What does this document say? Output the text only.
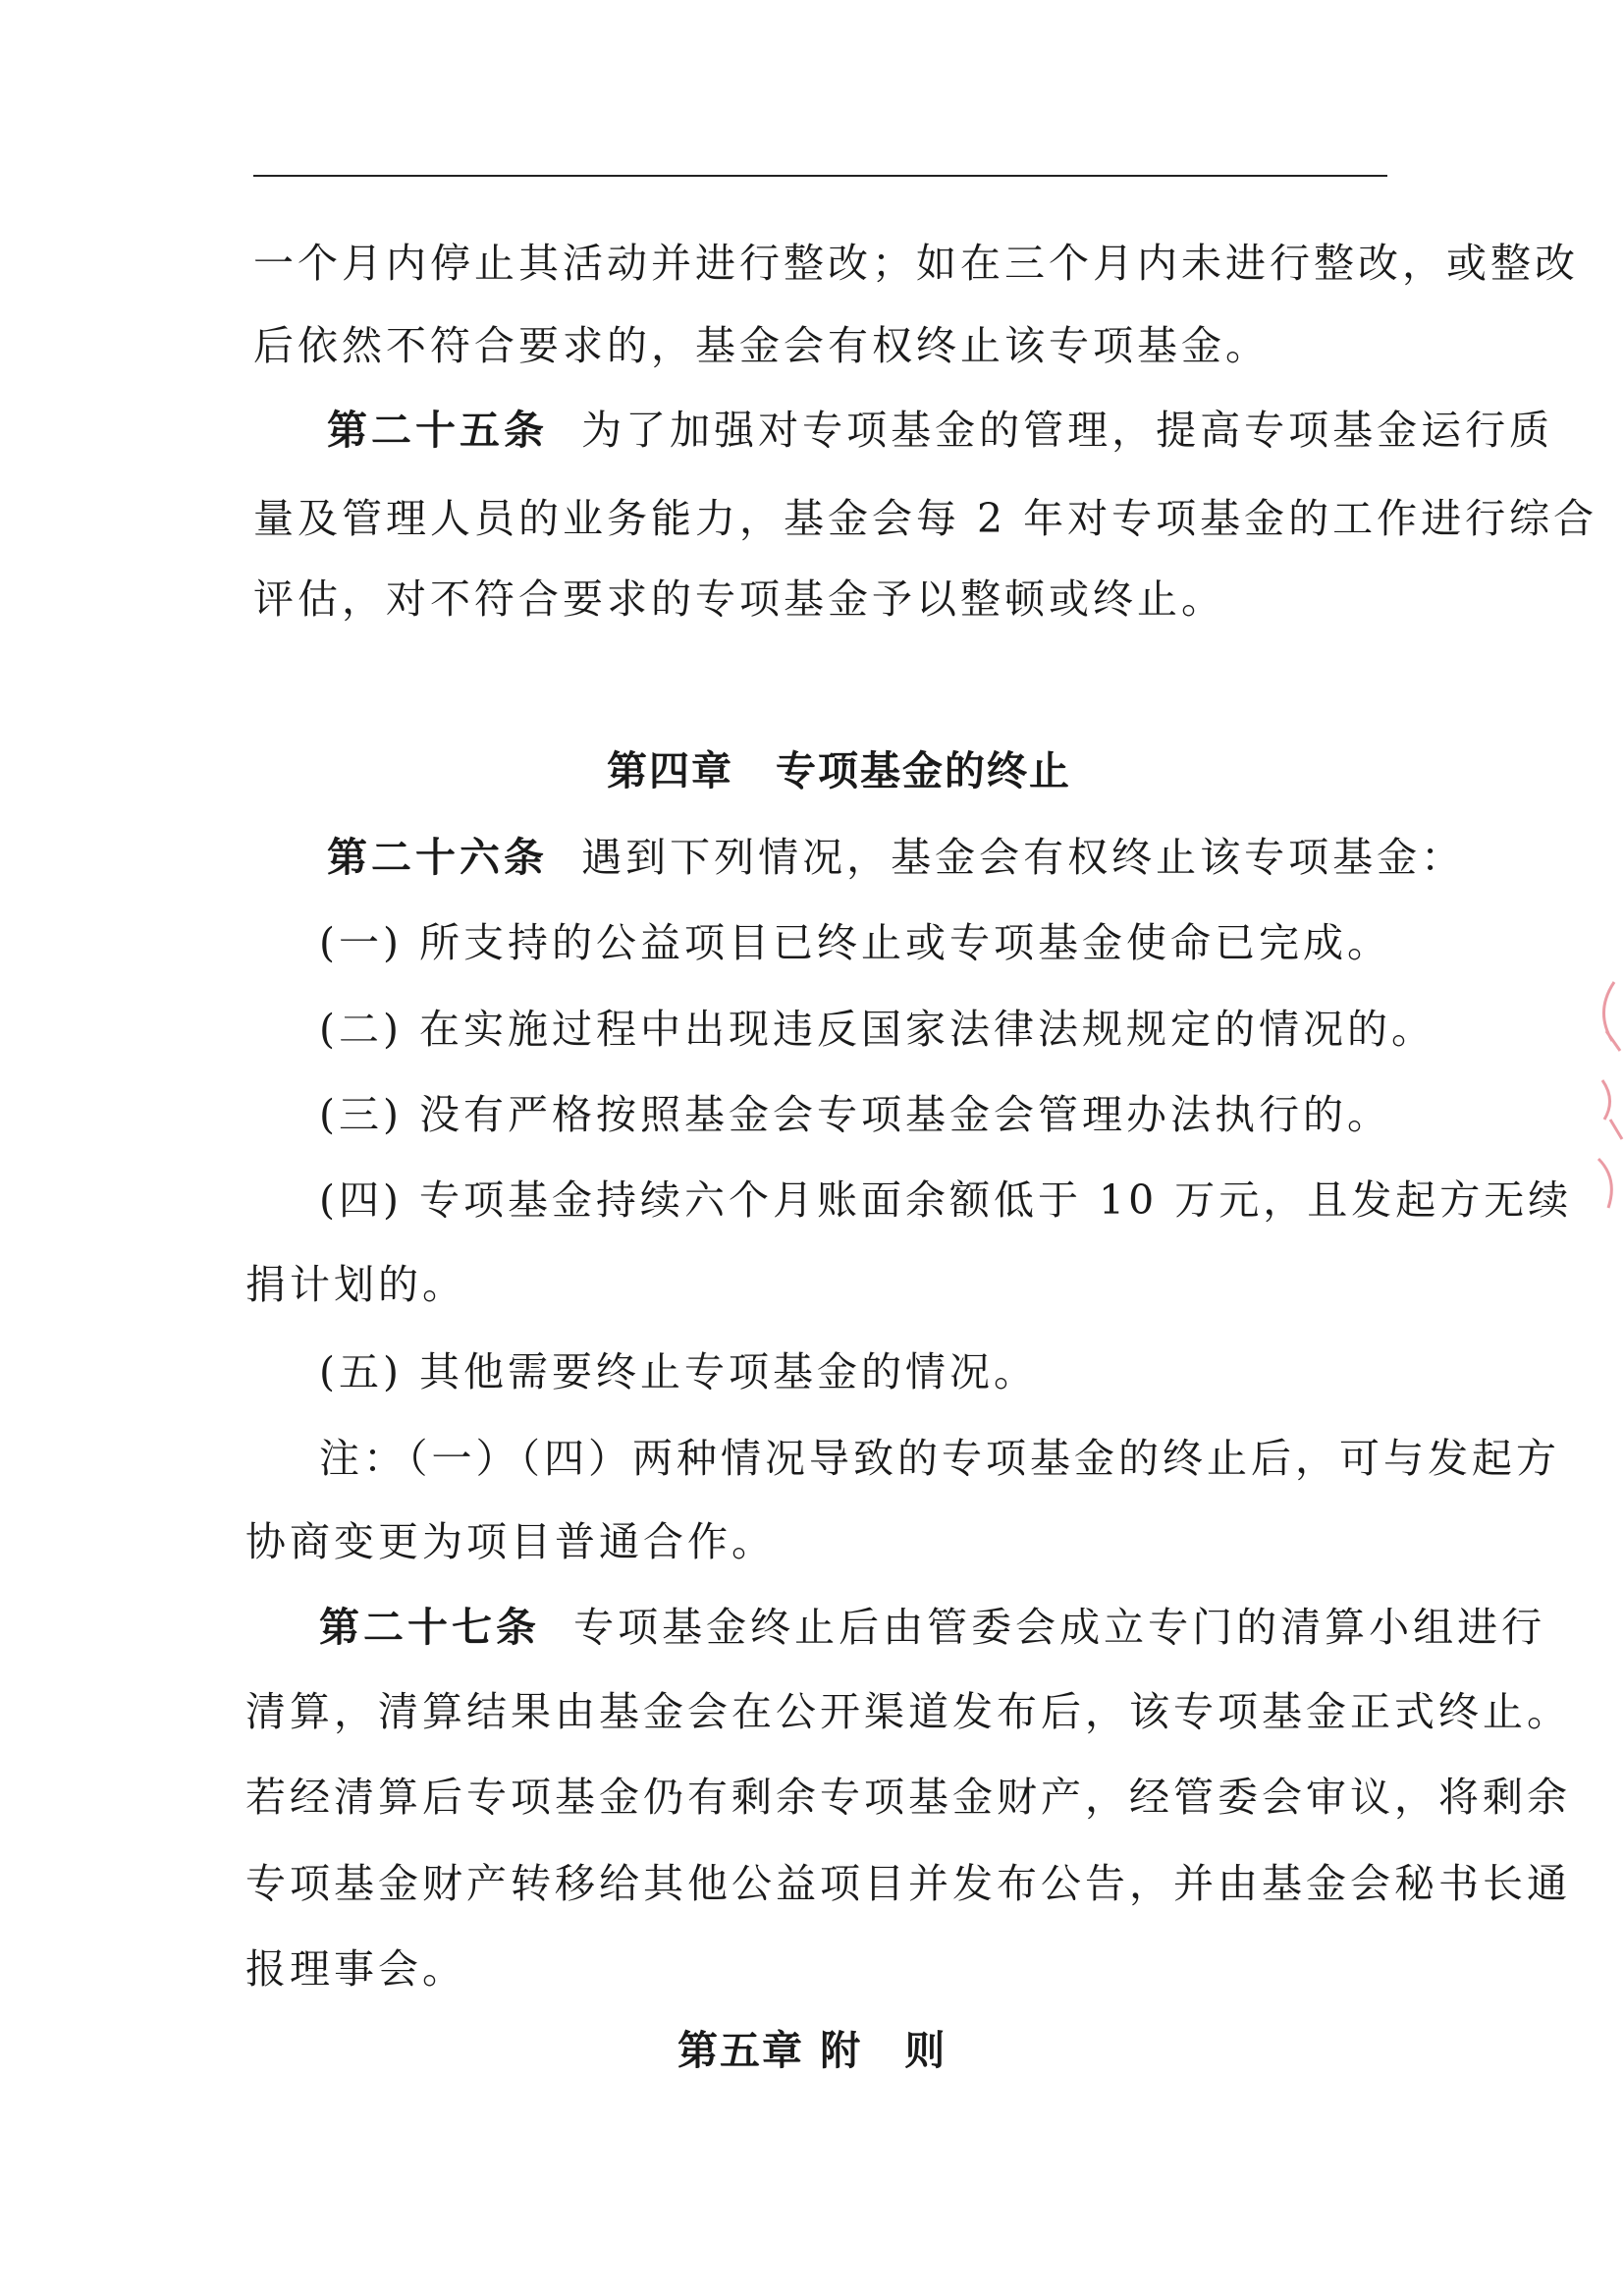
一个月内停止其活动并进行整改；如在三个月内未进行整改，或整改
后依然不符合要求的，基金会有权终止该专项基金。
第二十五条 为了加强对专项基金的管理，提高专项基金运行质
量及管理人员的业务能力，基金会每 2 年对专项基金的工作进行综合
评估，对不符合要求的专项基金予以整顿或终止。
第四章　专项基金的终止
第二十六条 遇到下列情况，基金会有权终止该专项基金：
(一) 所支持的公益项目已终止或专项基金使命已完成。
(二) 在实施过程中出现违反国家法律法规规定的情况的。
(三) 没有严格按照基金会专项基金会管理办法执行的。
(四) 专项基金持续六个月账面余额低于 10 万元，且发起方无续
捐计划的。
(五) 其他需要终止专项基金的情况。
注：（一）（四）两种情况导致的专项基金的终止后，可与发起方
协商变更为项目普通合作。
第二十七条 专项基金终止后由管委会成立专门的清算小组进行
清算，清算结果由基金会在公开渠道发布后，该专项基金正式终止。
若经清算后专项基金仍有剩余专项基金财产，经管委会审议，将剩余
专项基金财产转移给其他公益项目并发布公告，并由基金会秘书长通
报理事会。
第五章 附　则
